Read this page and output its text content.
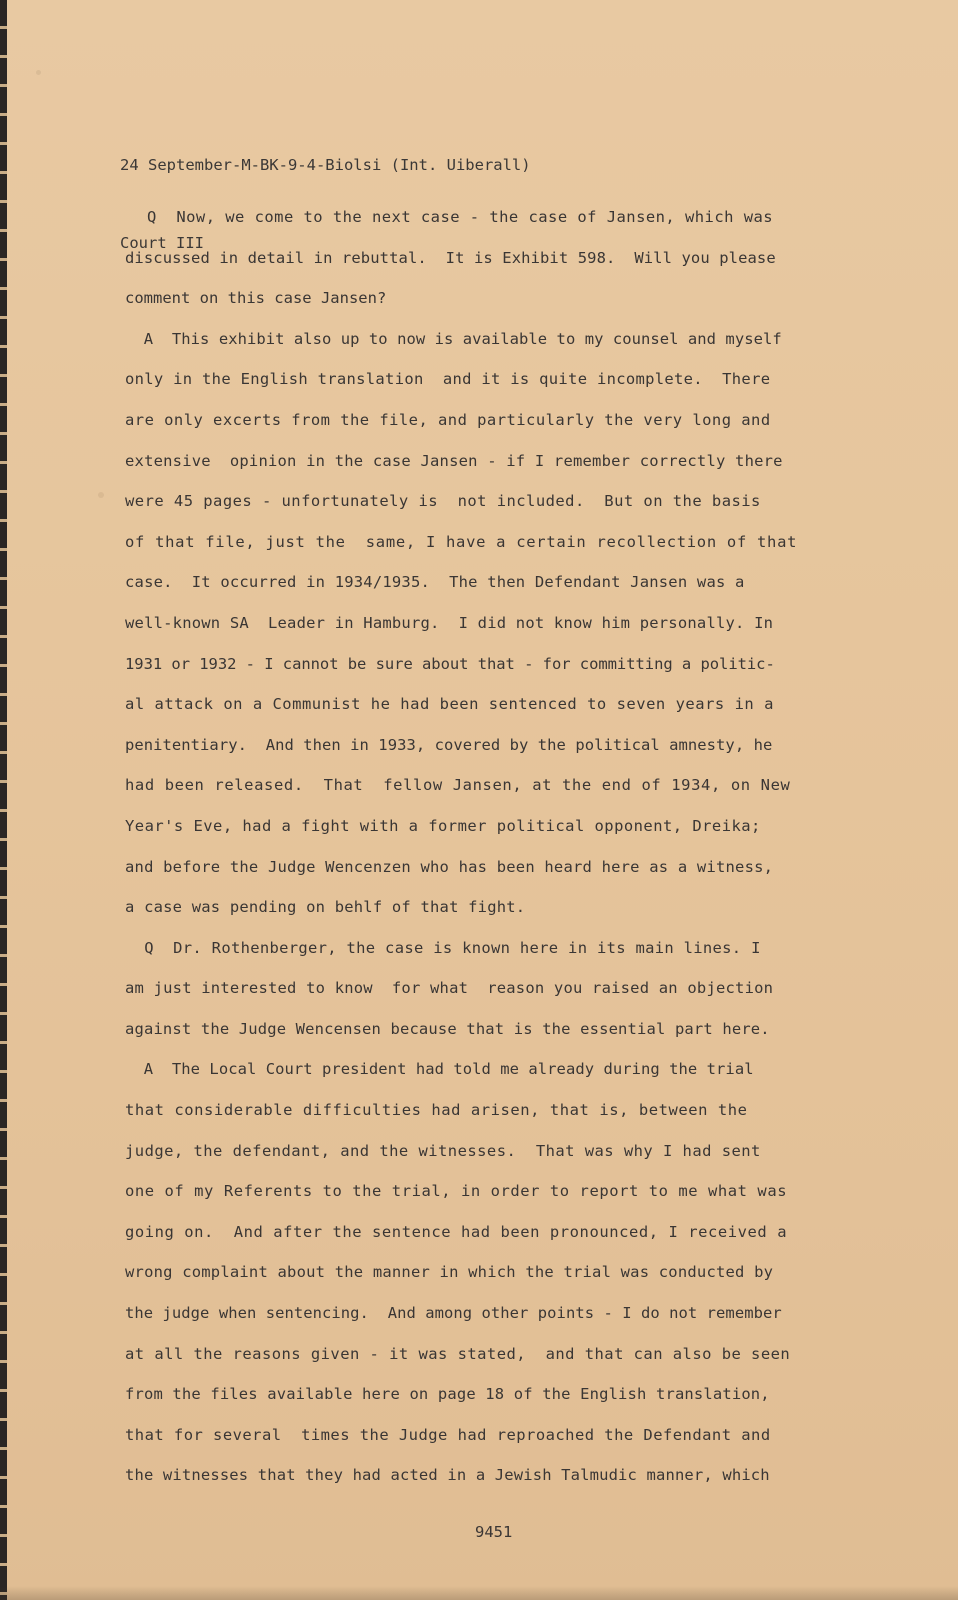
24 September-M-BK-9-4-Biolsi (Int. Uiberall)

Court III

Q  Now, we come to the next case - the case of Jansen, which was
discussed in detail in rebuttal.  It is Exhibit 598.  Will you please
comment on this case Jansen?
A  This exhibit also up to now is available to my counsel and myself
only in the English translation  and it is quite incomplete.  There
are only excerts from the file, and particularly the very long and
extensive  opinion in the case Jansen - if I remember correctly there
were 45 pages - unfortunately is  not included.  But on the basis
of that file, just the  same, I have a certain recollection of that
case.  It occurred in 1934/1935.  The then Defendant Jansen was a
well-known SA  Leader in Hamburg.  I did not know him personally. In
1931 or 1932 - I cannot be sure about that - for committing a politic-
al attack on a Communist he had been sentenced to seven years in a
penitentiary.  And then in 1933, covered by the political amnesty, he
had been released.  That  fellow Jansen, at the end of 1934, on New
Year's Eve, had a fight with a former political opponent, Dreika;
and before the Judge Wencenzen who has been heard here as a witness,
a case was pending on behlf of that fight.
Q  Dr. Rothenberger, the case is known here in its main lines. I
am just interested to know  for what  reason you raised an objection
against the Judge Wencensen because that is the essential part here.
A  The Local Court president had told me already during the trial
that considerable difficulties had arisen, that is, between the
judge, the defendant, and the witnesses.  That was why I had sent
one of my Referents to the trial, in order to report to me what was
going on.  And after the sentence had been pronounced, I received a
wrong complaint about the manner in which the trial was conducted by
the judge when sentencing.  And among other points - I do not remember
at all the reasons given - it was stated,  and that can also be seen
from the files available here on page 18 of the English translation,
that for several  times the Judge had reproached the Defendant and
the witnesses that they had acted in a Jewish Talmudic manner, which
9451
